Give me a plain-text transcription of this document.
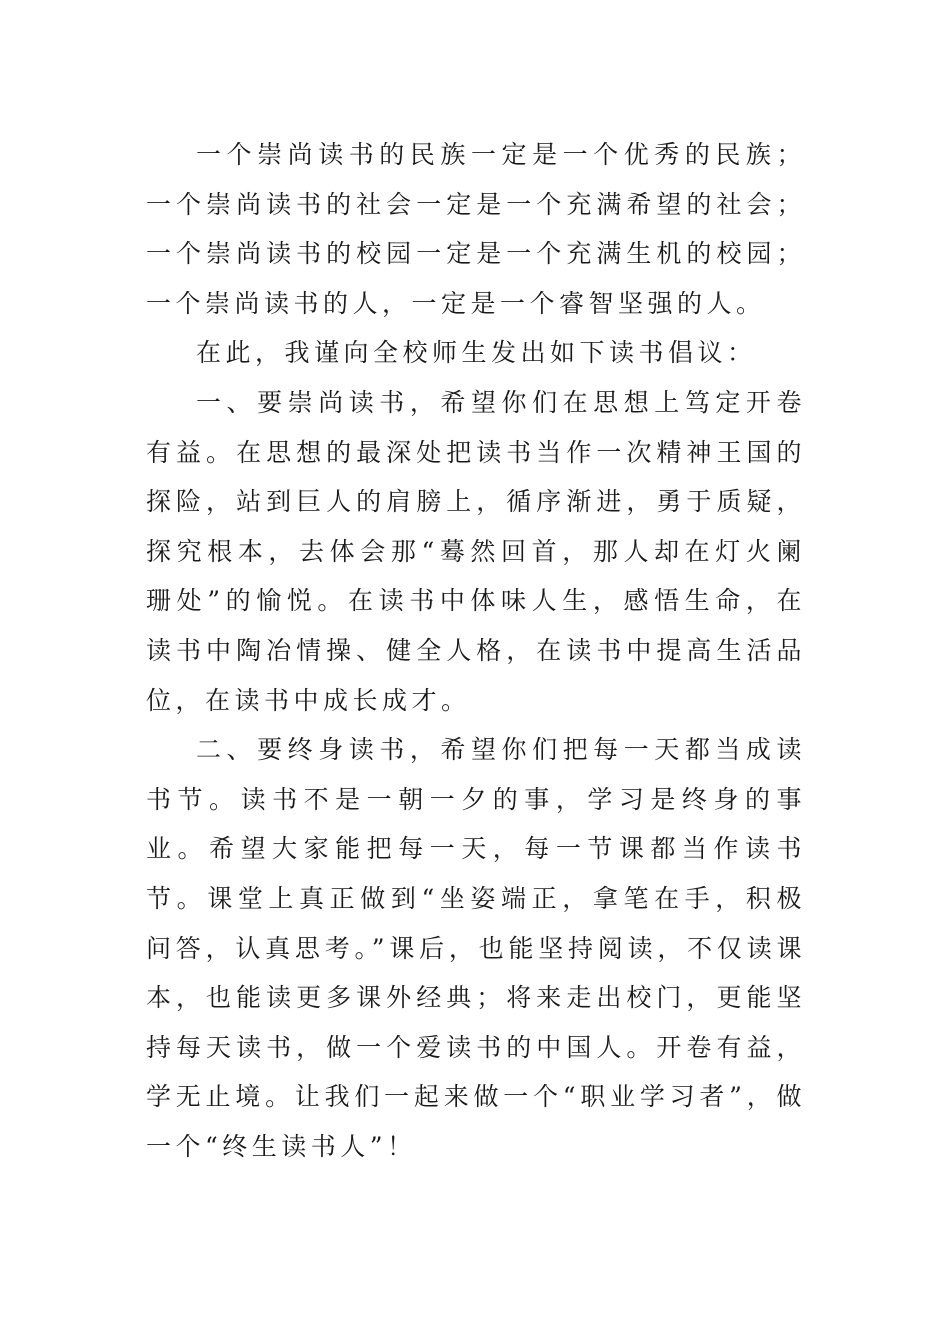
一个崇尚读书的民族一定是一个优秀的民族；一个崇尚读书的社会一定是一个充满希望的社会；一个崇尚读书的校园一定是一个充满生机的校园；一个崇尚读书的人，一定是一个睿智坚强的人。

在此，我谨向全校师生发出如下读书倡议：

一、要崇尚读书，希望你们在思想上笃定开卷有益。在思想的最深处把读书当作一次精神王国的探险，站到巨人的肩膀上，循序渐进，勇于质疑，探究根本，去体会那“蓦然回首，那人却在灯火阑珊处”的愉悦。在读书中体味人生，感悟生命，在读书中陶冶情操、健全人格，在读书中提高生活品位，在读书中成长成才。

二、要终身读书，希望你们把每一天都当成读书节。读书不是一朝一夕的事，学习是终身的事业。希望大家能把每一天，每一节课都当作读书节。课堂上真正做到“坐姿端正，拿笔在手，积极问答，认真思考。”课后，也能坚持阅读，不仅读课本，也能读更多课外经典；将来走出校门，更能坚持每天读书，做一个爱读书的中国人。开卷有益，学无止境。让我们一起来做一个“职业学习者”，做一个“终生读书人”！
